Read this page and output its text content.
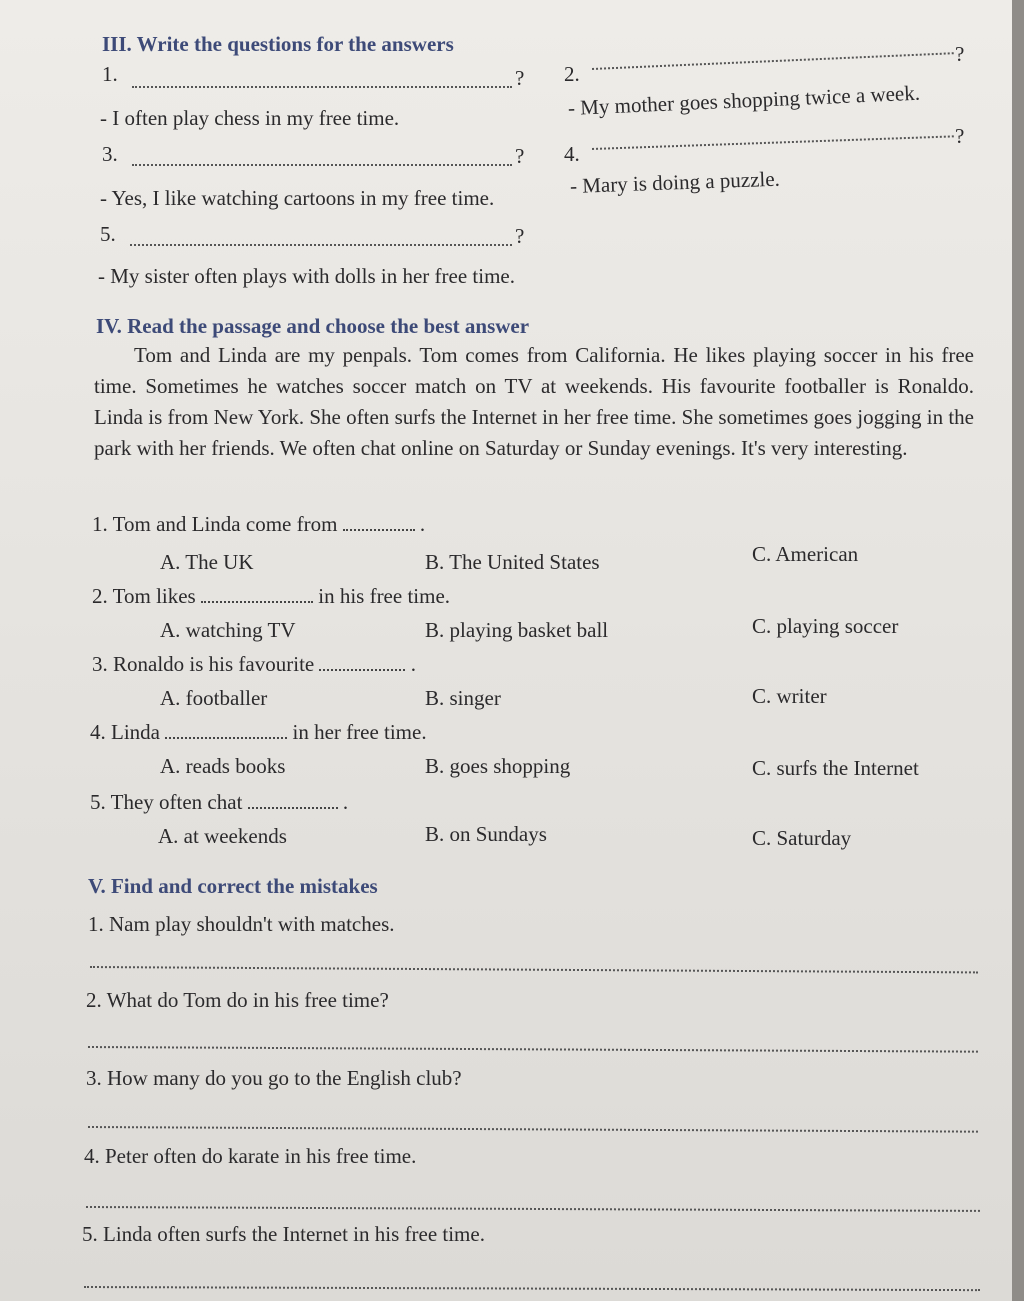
III. Write the questions for the answers
1.	?
- I often play chess in my free time.
2.
?
- My mother goes shopping twice a week.
3.	?
- Yes, I like watching cartoons in my free time.
4.
?
- Mary is doing a puzzle.
5.	?
- My sister often plays with dolls in her free time.
IV. Read the passage and choose the best answer

Tom and Linda are my penpals. Tom comes from California. He likes playing soccer in his free time. Sometimes he watches soccer match on TV at weekends. His favourite footballer is Ronaldo. Linda is from New York. She often surfs the Internet in her free time. She sometimes goes jogging in the park with her friends. We often chat online on Saturday or Sunday evenings. It's very interesting.

1. Tom and Linda come from	.
A. The UK	B. The United States	C. American
2. Tom likes	in his free time.
A. watching TV	B. playing basket ball	C. playing soccer
3. Ronaldo is his favourite	.
A. footballer	B. singer	C. writer
4. Linda	in her free time.
A. reads books	B. goes shopping	C. surfs the Internet
5. They often chat	.
A. at weekends	B. on Sundays	C. Saturday
V. Find and correct the mistakes
1. Nam play shouldn't with matches.
2. What do Tom do in his free time?
3. How many do you go to the English club?
4. Peter often do karate in his free time.
5. Linda often surfs the Internet in his free time.
